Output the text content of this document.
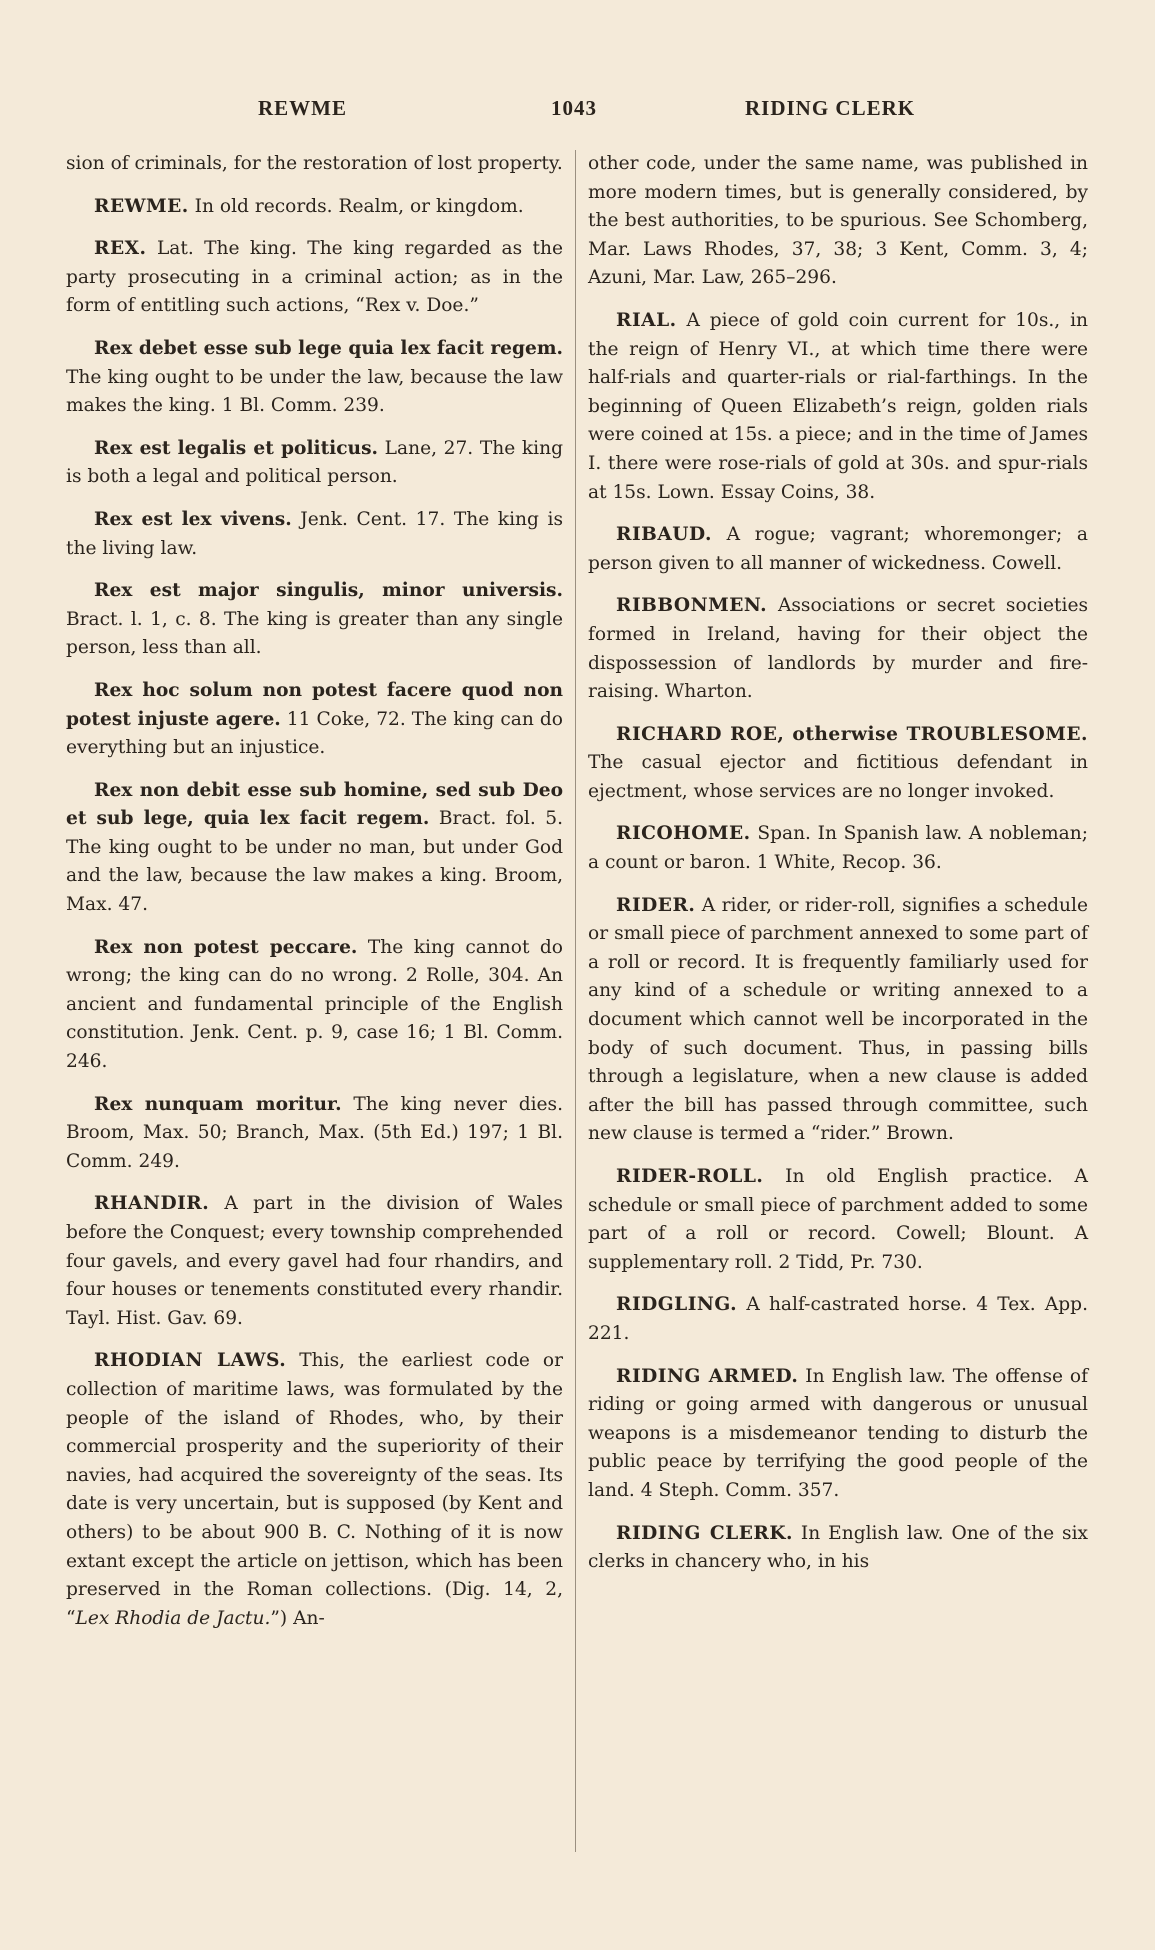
REWME	1043	RIDING CLERK

sion of criminals, for the restoration of lost property.

REWME. In old records. Realm, or kingdom.

REX. Lat. The king. The king regarded as the party prosecuting in a criminal action; as in the form of entitling such actions, “Rex v. Doe.”

Rex debet esse sub lege quia lex facit regem. The king ought to be under the law, because the law makes the king. 1 Bl. Comm. 239.

Rex est legalis et politicus. Lane, 27. The king is both a legal and political person.

Rex est lex vivens. Jenk. Cent. 17. The king is the living law.

Rex est major singulis, minor universis. Bract. l. 1, c. 8. The king is greater than any single person, less than all.

Rex hoc solum non potest facere quod non potest injuste agere. 11 Coke, 72. The king can do everything but an injustice.

Rex non debit esse sub homine, sed sub Deo et sub lege, quia lex facit regem. Bract. fol. 5. The king ought to be under no man, but under God and the law, because the law makes a king. Broom, Max. 47.

Rex non potest peccare. The king cannot do wrong; the king can do no wrong. 2 Rolle, 304. An ancient and fundamental principle of the English constitution. Jenk. Cent. p. 9, case 16; 1 Bl. Comm. 246.

Rex nunquam moritur. The king never dies. Broom, Max. 50; Branch, Max. (5th Ed.) 197; 1 Bl. Comm. 249.

RHANDIR. A part in the division of Wales before the Conquest; every township comprehended four gavels, and every gavel had four rhandirs, and four houses or tenements constituted every rhandir. Tayl. Hist. Gav. 69.

RHODIAN LAWS. This, the earliest code or collection of maritime laws, was formulated by the people of the island of Rhodes, who, by their commercial prosperity and the superiority of their navies, had acquired the sovereignty of the seas. Its date is very uncertain, but is supposed (by Kent and others) to be about 900 B. C. Nothing of it is now extant except the article on jettison, which has been preserved in the Roman collections. (Dig. 14, 2, “Lex Rhodia de Jactu.”) An-

other code, under the same name, was published in more modern times, but is generally considered, by the best authorities, to be spurious. See Schomberg, Mar. Laws Rhodes, 37, 38; 3 Kent, Comm. 3, 4; Azuni, Mar. Law, 265–296.

RIAL. A piece of gold coin current for 10s., in the reign of Henry VI., at which time there were half-rials and quarter-rials or rial-farthings. In the beginning of Queen Elizabeth’s reign, golden rials were coined at 15s. a piece; and in the time of James I. there were rose-rials of gold at 30s. and spur-rials at 15s. Lown. Essay Coins, 38.

RIBAUD. A rogue; vagrant; whoremonger; a person given to all manner of wickedness. Cowell.

RIBBONMEN. Associations or secret societies formed in Ireland, having for their object the dispossession of landlords by murder and fire-raising. Wharton.

RICHARD ROE, otherwise TROUBLESOME. The casual ejector and fictitious defendant in ejectment, whose services are no longer invoked.

RICOHOME. Span. In Spanish law. A nobleman; a count or baron. 1 White, Recop. 36.

RIDER. A rider, or rider-roll, signifies a schedule or small piece of parchment annexed to some part of a roll or record. It is frequently familiarly used for any kind of a schedule or writing annexed to a document which cannot well be incorporated in the body of such document. Thus, in passing bills through a legislature, when a new clause is added after the bill has passed through committee, such new clause is termed a “rider.” Brown.

RIDER-ROLL. In old English practice. A schedule or small piece of parchment added to some part of a roll or record. Cowell; Blount. A supplementary roll. 2 Tidd, Pr. 730.

RIDGLING. A half-castrated horse. 4 Tex. App. 221.

RIDING ARMED. In English law. The offense of riding or going armed with dangerous or unusual weapons is a misdemeanor tending to disturb the public peace by terrifying the good people of the land. 4 Steph. Comm. 357.

RIDING CLERK. In English law. One of the six clerks in chancery who, in his
